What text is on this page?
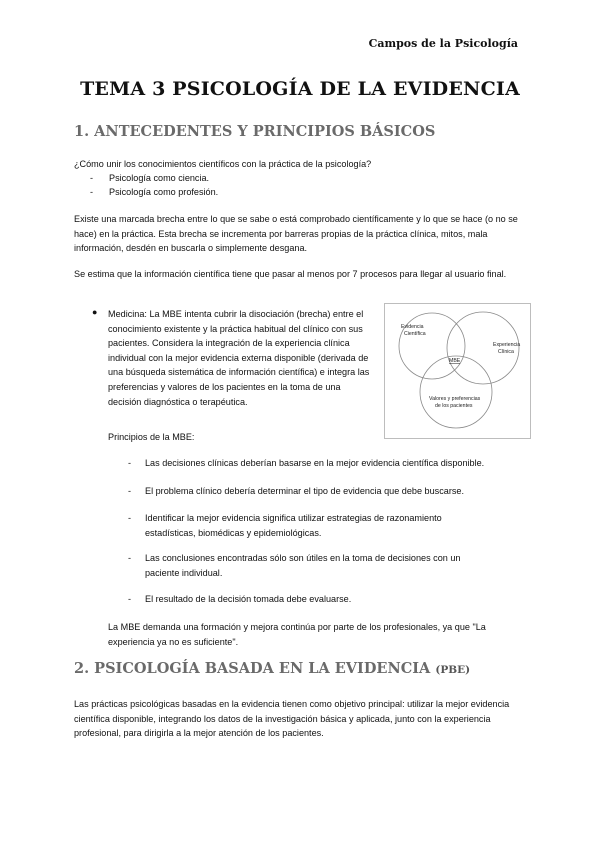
Campos de la Psicología
TEMA 3 PSICOLOGÍA DE LA EVIDENCIA
1. ANTECEDENTES Y PRINCIPIOS BÁSICOS
¿Cómo unir los conocimientos científicos con la práctica de la psicología?
- Psicología como ciencia.
- Psicología como profesión.
Existe una marcada brecha entre lo que se sabe o está comprobado científicamente y lo que se hace (o no se hace) en la práctica. Esta brecha se incrementa por barreras propias de la práctica clínica, mitos, mala información, desdén en buscarla o simplemente desgana.
Se estima que la información científica tiene que pasar al menos por 7 procesos para llegar al usuario final.
● Medicina: La MBE intenta cubrir la disociación (brecha) entre el conocimiento existente y la práctica habitual del clínico con sus pacientes. Considera la integración de la experiencia clínica individual con la mejor evidencia externa disponible (derivada de una búsqueda sistemática de información científica) e integra las preferencias y valores de los pacientes en la toma de una decisión diagnóstica o terapéutica.
Evidencia
Científica
Experiencia
Clínica
MBE
Valores y preferencias
de los pacientes
Principios de la MBE:
- Las decisiones clínicas deberían basarse en la mejor evidencia científica disponible.
- El problema clínico debería determinar el tipo de evidencia que debe buscarse.
- Identificar la mejor evidencia significa utilizar estrategias de razonamiento estadísticas, biomédicas y epidemiológicas.
- Las conclusiones encontradas sólo son útiles en la toma de decisiones con un paciente individual.
- El resultado de la decisión tomada debe evaluarse.
La MBE demanda una formación y mejora continúa por parte de los profesionales, ya que "La experiencia ya no es suficiente".
2. PSICOLOGÍA BASADA EN LA EVIDENCIA (PBE)
Las prácticas psicológicas basadas en la evidencia tienen como objetivo principal: utilizar la mejor evidencia científica disponible, integrando los datos de la investigación básica y aplicada, junto con la experiencia profesional, para dirigirla a la mejor atención de los pacientes.
